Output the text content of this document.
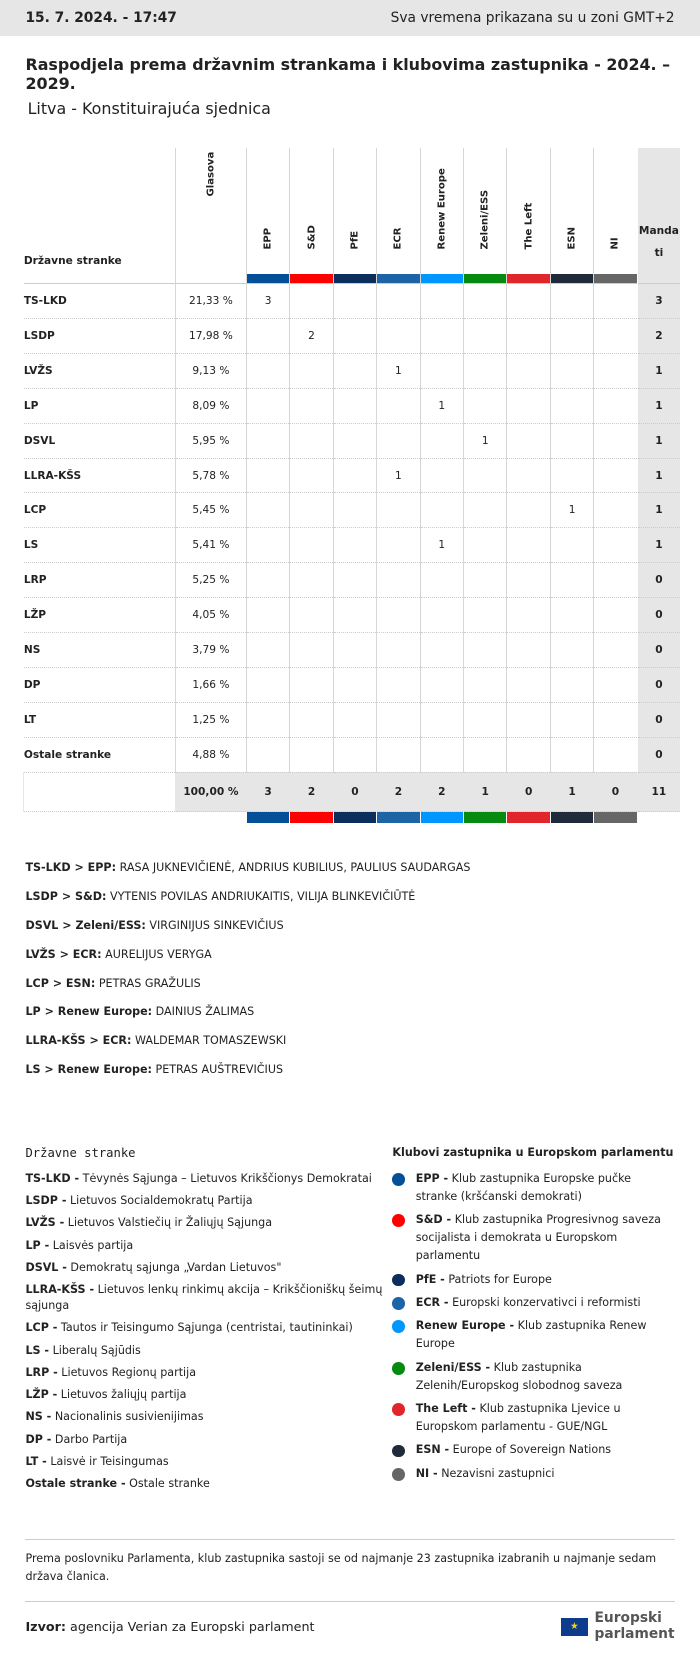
15. 7. 2024. - 17:47	Sva vremena prikazana su u zoni GMT+2
Raspodjela prema državnim strankama i klubovima zastupnika - 2024. – 2029.
Litva - Konstituirajuća sjednica
Državne stranke	Glasova	EPP	S&D	PfE	ECR	Renew Europe	Zeleni/ESS	The Left	ESN	NI	Mandati
TS-LKD	21,33 %	3									3
LSDP	17,98 %		2								2
LVŽS	9,13 %				1						1
LP	8,09 %					1					1
DSVL	5,95 %						1				1
LLRA-KŠS	5,78 %				1						1
LCP	5,45 %								1		1
LS	5,41 %					1					1
LRP	5,25 %										0
LŽP	4,05 %										0
NS	3,79 %										0
DP	1,66 %										0
LT	1,25 %										0
Ostale stranke	4,88 %										0
	100,00 %	3	2	0	2	2	1	0	1	0	11

TS-LKD > EPP: RASA JUKNEVIČIENĖ, ANDRIUS KUBILIUS, PAULIUS SAUDARGAS
LSDP > S&D: VYTENIS POVILAS ANDRIUKAITIS, VILIJA BLINKEVIČIŪTĖ
DSVL > Zeleni/ESS: VIRGINIJUS SINKEVIČIUS
LVŽS > ECR: AURELIJUS VERYGA
LCP > ESN: PETRAS GRAŽULIS
LP > Renew Europe: DAINIUS ŽALIMAS
LLRA-KŠS > ECR: WALDEMAR TOMASZEWSKI
LS > Renew Europe: PETRAS AUŠTREVIČIUS
Državne stranke
TS-LKD - Tėvynės Sąjunga – Lietuvos Krikščionys Demokratai
LSDP - Lietuvos Socialdemokratų Partija
LVŽS - Lietuvos Valstiečių ir Žaliųjų Sąjunga
LP - Laisvės partija
DSVL - Demokratų sąjunga „Vardan Lietuvos"
LLRA-KŠS - Lietuvos lenkų rinkimų akcija – Krikščioniškų šeimų sąjunga
LCP - Tautos ir Teisingumo Sąjunga (centristai, tautininkai)
LS - Liberalų Sąjūdis
LRP - Lietuvos Regionų partija
LŽP - Lietuvos žaliųjų partija
NS - Nacionalinis susivienijimas
DP - Darbo Partija
LT - Laisvė ir Teisingumas
Ostale stranke - Ostale stranke
Klubovi zastupnika u Europskom parlamentu
EPP - Klub zastupnika Europske pučke stranke (kršćanski demokrati)
S&D - Klub zastupnika Progresivnog saveza socijalista i demokrata u Europskom parlamentu
PfE - Patriots for Europe
ECR - Europski konzervativci i reformisti
Renew Europe - Klub zastupnika Renew Europe
Zeleni/ESS - Klub zastupnika Zelenih/Europskog slobodnog saveza
The Left - Klub zastupnika Ljevice u Europskom parlamentu - GUE/NGL
ESN - Europe of Sovereign Nations
NI - Nezavisni zastupnici
Prema poslovniku Parlamenta, klub zastupnika sastoji se od najmanje 23 zastupnika izabranih u najmanje sedam država članica.
Izvor: agencija Verian za Europski parlament	★
Europski
parlament
